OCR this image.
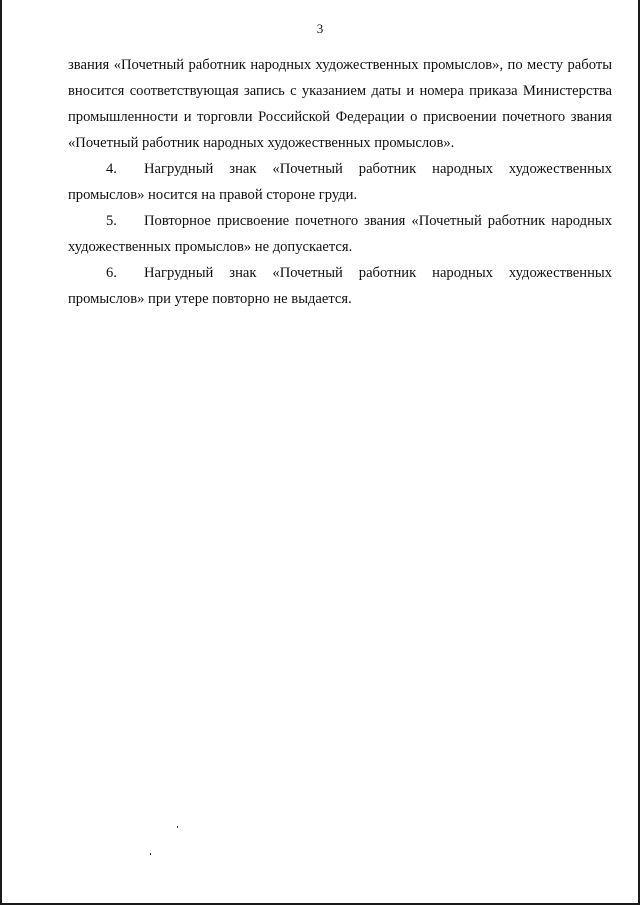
3

звания «Почетный работник народных художественных промыслов», по месту работы вносится соответствующая запись с указанием даты и номера приказа Министерства промышленности и торговли Российской Федерации о присвоении почетного звания «Почетный работник народных художественных промыслов».

4. Нагрудный знак «Почетный работник народных художественных промыслов» носится на правой стороне груди.

5. Повторное присвоение почетного звания «Почетный работник народных художественных промыслов» не допускается.

6. Нагрудный знак «Почетный работник народных художественных промыслов» при утере повторно не выдается.
